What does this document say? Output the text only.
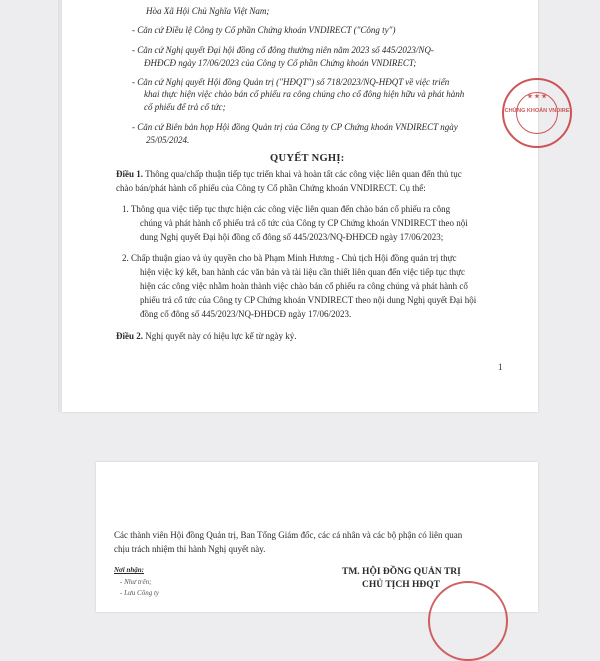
Hòa Xã Hội Chủ Nghĩa Việt Nam;
- Căn cứ Điều lệ Công ty Cổ phần Chứng khoán VNDIRECT ("Công ty")
- Căn cứ Nghị quyết Đại hội đồng cổ đông thường niên năm 2023 số 445/2023/NQ-
ĐHĐCĐ ngày 17/06/2023 của Công ty Cổ phần Chứng khoán VNDIRECT;
- Căn cứ Nghị quyết Hội đồng Quản trị ("HĐQT") số 718/2023/NQ-HĐQT về việc triển
khai thực hiện việc chào bán cổ phiếu ra công chúng cho cổ đông hiện hữu và phát hành
cổ phiếu để trả cổ tức;
- Căn cứ Biên bản họp Hội đồng Quản trị của Công ty CP Chứng khoán VNDIRECT ngày
25/05/2024.
QUYẾT NGHỊ:
Điều 1. Thông qua/chấp thuận tiếp tục triển khai và hoàn tất các công việc liên quan đến thủ tục
chào bán/phát hành cổ phiếu của Công ty Cổ phần Chứng khoán VNDIRECT. Cụ thể:
1. Thông qua việc tiếp tục thực hiện các công việc liên quan đến chào bán cổ phiếu ra công
chúng và phát hành cổ phiếu trả cổ tức của Công ty CP Chứng khoán VNDIRECT theo nội
dung Nghị quyết Đại hội đồng cổ đông số 445/2023/NQ-ĐHĐCĐ ngày 17/06/2023;
2. Chấp thuận giao và ủy quyền cho bà Phạm Minh Hương - Chủ tịch Hội đồng quản trị thực
hiện việc ký kết, ban hành các văn bản và tài liệu cần thiết liên quan đến việc tiếp tục thực
hiện các công việc nhằm hoàn thành việc chào bán cổ phiếu ra công chúng và phát hành cổ
phiếu trả cổ tức của Công ty CP Chứng khoán VNDIRECT theo nội dung Nghị quyết Đại hội
đồng cổ đông số 445/2023/NQ-ĐHĐCĐ ngày 17/06/2023.
Điều 2. Nghị quyết này có hiệu lực kể từ ngày ký.
1
★ ★ ★
CHỨNG KHOÁN VNDIRE
Các thành viên Hội đồng Quản trị, Ban Tổng Giám đốc, các cá nhân và các bộ phận có liên quan
chịu trách nhiệm thi hành Nghị quyết này.
Nơi nhận:
- Như trên;
- Lưu Công ty
TM. HỘI ĐỒNG QUẢN TRỊ
CHỦ TỊCH HĐQT
